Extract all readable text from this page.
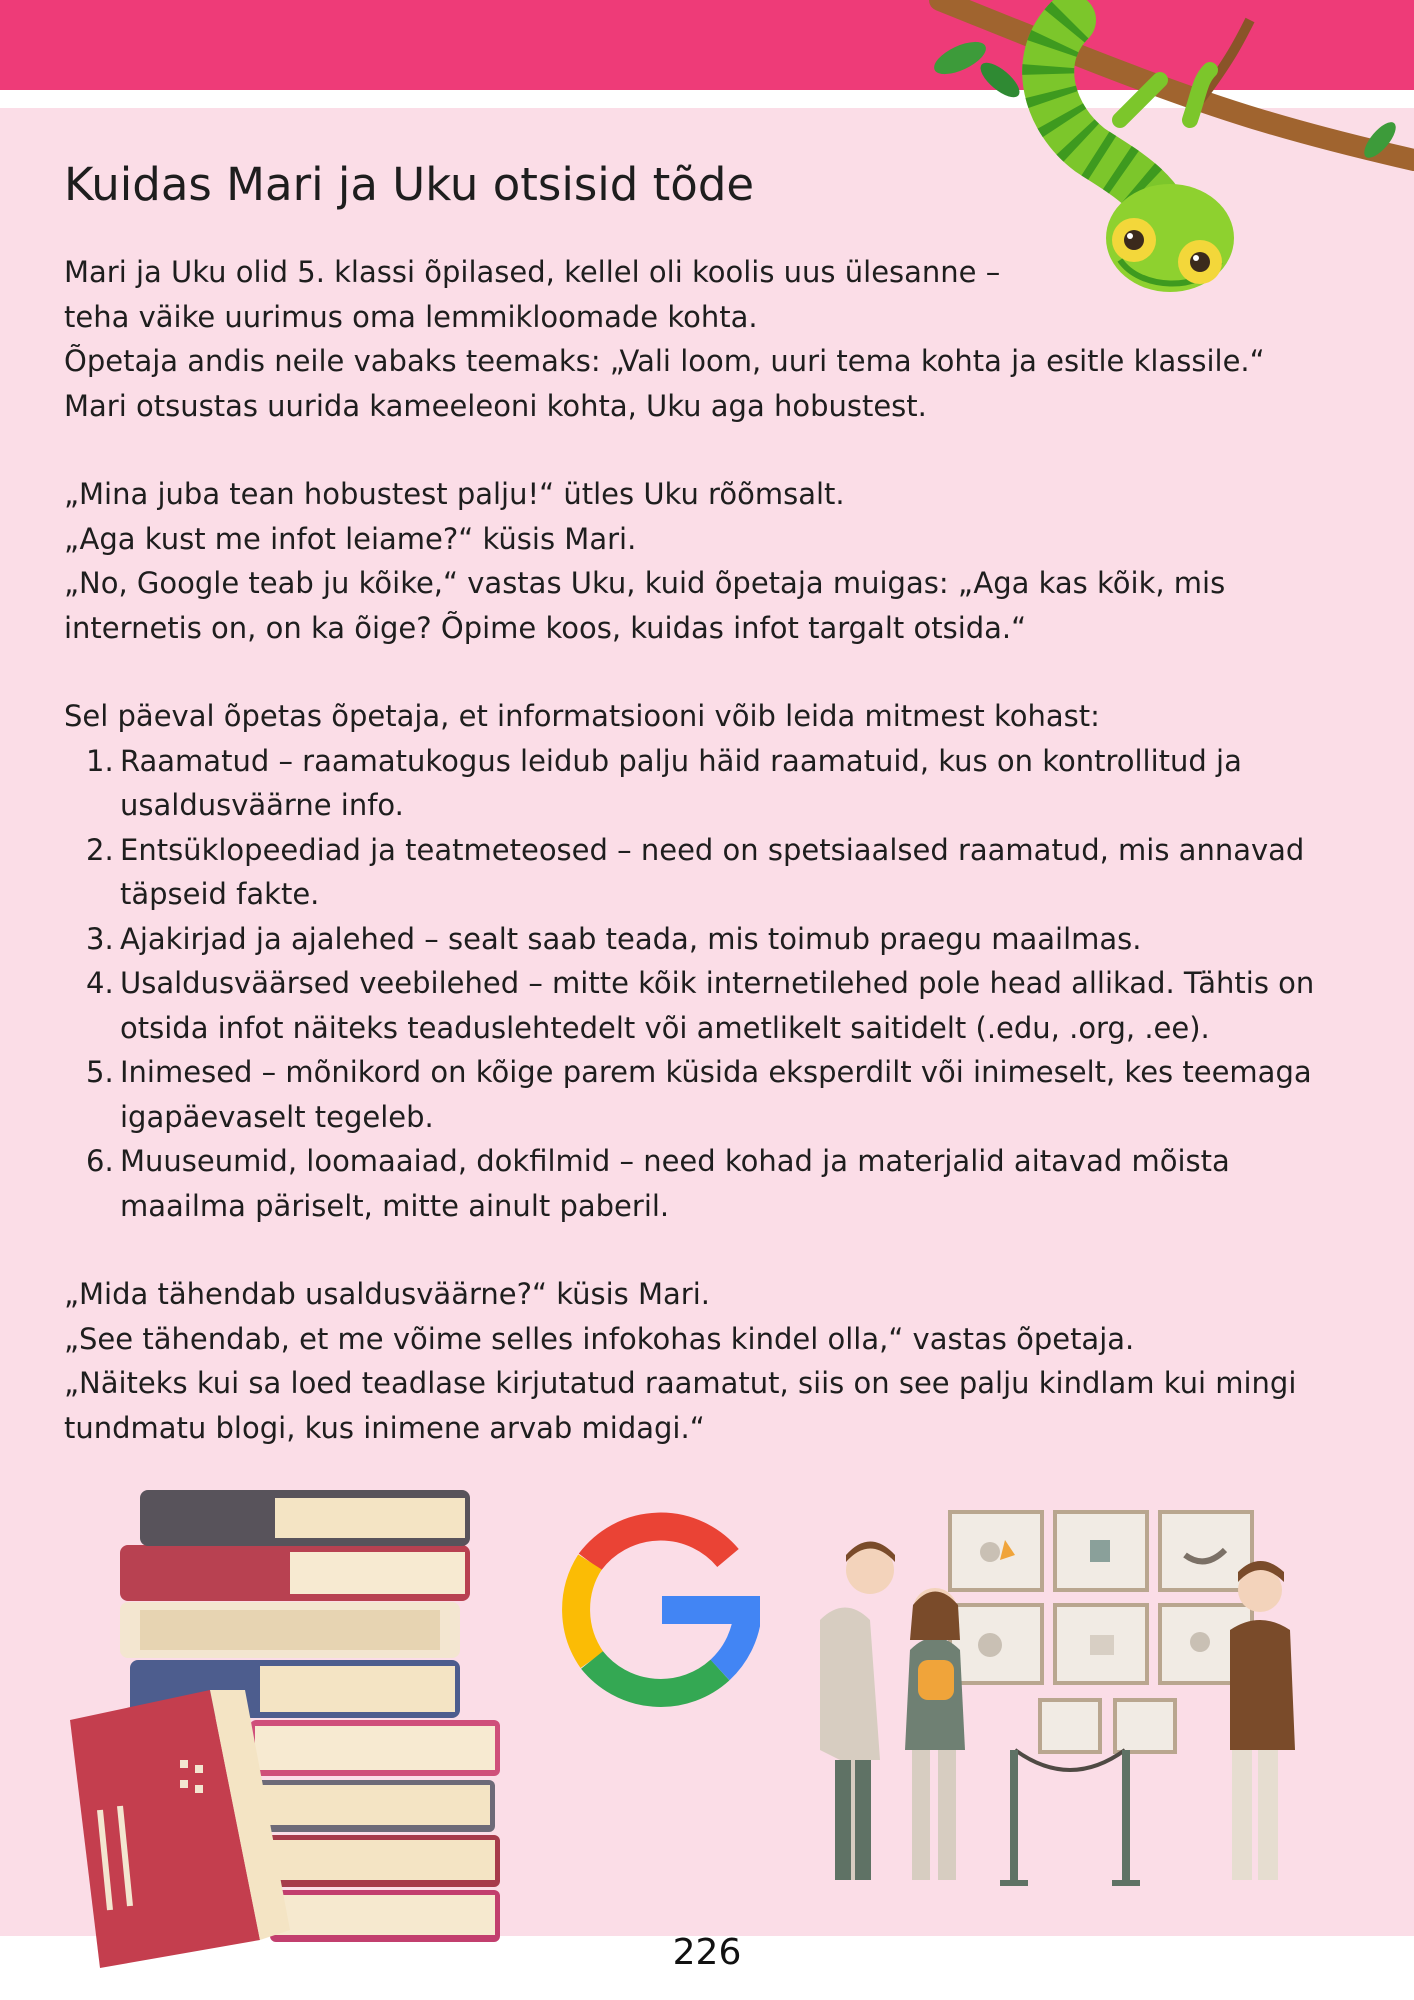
Kuidas Mari ja Uku otsisid tõde

Mari ja Uku olid 5. klassi õpilased, kellel oli koolis uus ülesanne –

teha väike uurimus oma lemmikloomade kohta.

Õpetaja andis neile vabaks teemaks: „Vali loom, uuri tema kohta ja esitle klassile.“

Mari otsustas uurida kameeleoni kohta, Uku aga hobustest.

„Mina juba tean hobustest palju!“ ütles Uku rõõmsalt.

„Aga kust me infot leiame?“ küsis Mari.

„No, Google teab ju kõike,“ vastas Uku, kuid õpetaja muigas: „Aga kas kõik, mis internetis on, on ka õige? Õpime koos, kuidas infot targalt otsida.“

Sel päeval õpetas õpetaja, et informatsiooni võib leida mitmest kohast:

1. Raamatud – raamatukogus leidub palju häid raamatuid, kus on kontrollitud ja usaldusväärne info.
2. Entsüklopeediad ja teatmeteosed – need on spetsiaalsed raamatud, mis annavad täpseid fakte.
3. Ajakirjad ja ajalehed – sealt saab teada, mis toimub praegu maailmas.
4. Usaldusväärsed veebilehed – mitte kõik internetilehed pole head allikad. Tähtis on otsida infot näiteks teaduslehtedelt või ametlikelt saitidelt (.edu, .org, .ee).
5. Inimesed – mõnikord on kõige parem küsida eksperdilt või inimeselt, kes teemaga igapäevaselt tegeleb.
6. Muuseumid, loomaaiad, dokfilmid – need kohad ja materjalid aitavad mõista maailma päriselt, mitte ainult paberil.

„Mida tähendab usaldusväärne?“ küsis Mari.

„See tähendab, et me võime selles infokohas kindel olla,“ vastas õpetaja.

„Näiteks kui sa loed teadlase kirjutatud raamatut, siis on see palju kindlam kui mingi tundmatu blogi, kus inimene arvab midagi.“

226
